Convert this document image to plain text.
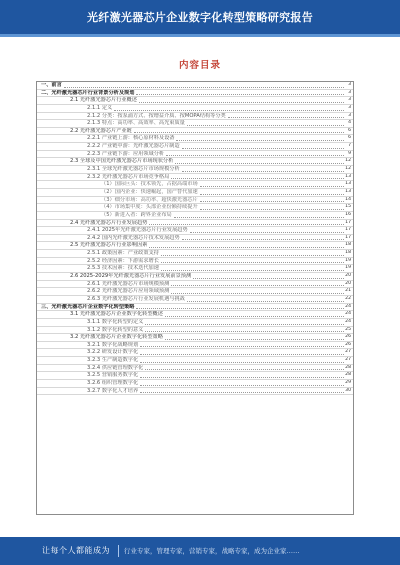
光纤激光器芯片企业数字化转型策略研究报告
内容目录
一、前言	3
二、光纤激光器芯片行业背景分析及规划	3
2.1 光纤激光器芯片行业概述	3
2.1.1 定义	3
2.1.2 分类：按泵浦方式、按增益介质、按MOPA结构等分类	3
2.1.3 特点：高功率、高效率、高光束质量	4
2.2 光纤激光器芯片产业链	6
2.2.1 产业链上游：核心原材料及设备	6
2.2.2 产业链中游：光纤激光器芯片制造	7
2.2.3 产业链下游：应用领域分析	9
2.3 全球及中国光纤激光器芯片市场现状分析	12
2.3.1 全球光纤激光器芯片市场规模分析	12
2.3.2 光纤激光器芯片市场竞争格局	13
（1）国际巨头：技术领先，占据高端市场	13
（2）国内企业：快速崛起，国产替代加速	13
（3）细分市场：高功率、超快激光器芯片	14
（4）市场集中度：头部企业份额持续提升	15
（5）新进入者：跨界企业布局	16
2.4 光纤激光器芯片行业发展趋势	17
2.4.1 2025年光纤激光器芯片行业发展趋势	17
2.4.2 国内光纤激光器芯片技术发展趋势	17
2.5 光纤激光器芯片行业影响因素	18
2.5.1 政策因素：产业政策支持	18
2.5.2 经济因素：下游需求增长	19
2.5.3 技术因素：技术迭代加速	19
2.6 2025-2029年光纤激光器芯片行业发展前景预测	20
2.6.1 光纤激光器芯片市场规模预测	20
2.6.2 光纤激光器芯片应用领域预测	21
2.6.3 光纤激光器芯片行业发展机遇与挑战	22
三、光纤激光器芯片企业数字化转型策略	24
3.1 光纤激光器芯片企业数字化转型概述	24
3.1.1 数字化转型的定义	24
3.1.2 数字化转型的意义	25
3.2 光纤激光器芯片企业数字化转型策略	26
3.2.1 数字化战略规划	26
3.2.2 研发设计数字化	27
3.2.3 生产制造数字化	27
3.2.4 供应链管理数字化	28
3.2.5 营销服务数字化	28
3.2.6 组织管理数字化	29
3.2.7 数字化人才培养	30
让每个人都能成为 行业专家，管理专家，营销专家，战略专家，成为企业家……
